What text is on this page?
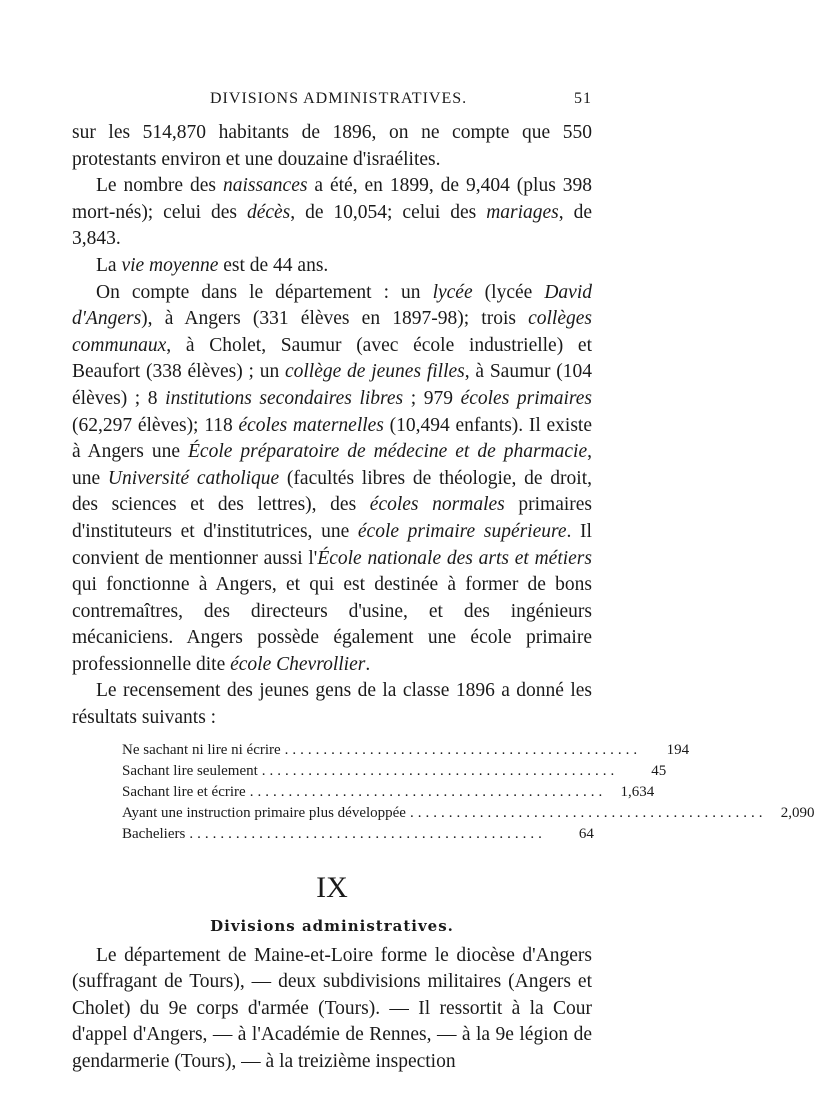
DIVISIONS ADMINISTRATIVES.	51

sur les 514,870 habitants de 1896, on ne compte que 550 protestants environ et une douzaine d'israélites.

Le nombre des naissances a été, en 1899, de 9,404 (plus 398 mort-nés); celui des décès, de 10,054; celui des mariages, de 3,843.

La vie moyenne est de 44 ans.

On compte dans le département : un lycée (lycée David d'Angers), à Angers (331 élèves en 1897-98); trois collèges communaux, à Cholet, Saumur (avec école industrielle) et Beaufort (338 élèves) ; un collège de jeunes filles, à Saumur (104 élèves) ; 8 institutions secondaires libres ; 979 écoles primaires (62,297 élèves); 118 écoles maternelles (10,494 enfants). Il existe à Angers une École préparatoire de médecine et de pharmacie, une Université catholique (facultés libres de théologie, de droit, des sciences et des lettres), des écoles normales primaires d'instituteurs et d'institutrices, une école primaire supérieure. Il convient de mentionner aussi l'École nationale des arts et métiers qui fonctionne à Angers, et qui est destinée à former de bons contremaîtres, des directeurs d'usine, et des ingénieurs mécaniciens. Angers possède également une école primaire professionnelle dite école Chevrollier.

Le recensement des jeunes gens de la classe 1896 a donné les résultats suivants :

Ne sachant ni lire ni écrire ..............................................	194
Sachant lire seulement ..............................................	45
Sachant lire et écrire .............................................. 1,634
Ayant une instruction primaire plus développée .............................................. 2,090
Bacheliers ..............................................	64
IX
Divisions administratives.

Le département de Maine-et-Loire forme le diocèse d'Angers (suffragant de Tours), — deux subdivisions militaires (Angers et Cholet) du 9e corps d'armée (Tours). — Il ressortit à la Cour d'appel d'Angers, — à l'Académie de Rennes, — à la 9e légion de gendarmerie (Tours), — à la treizième inspection
